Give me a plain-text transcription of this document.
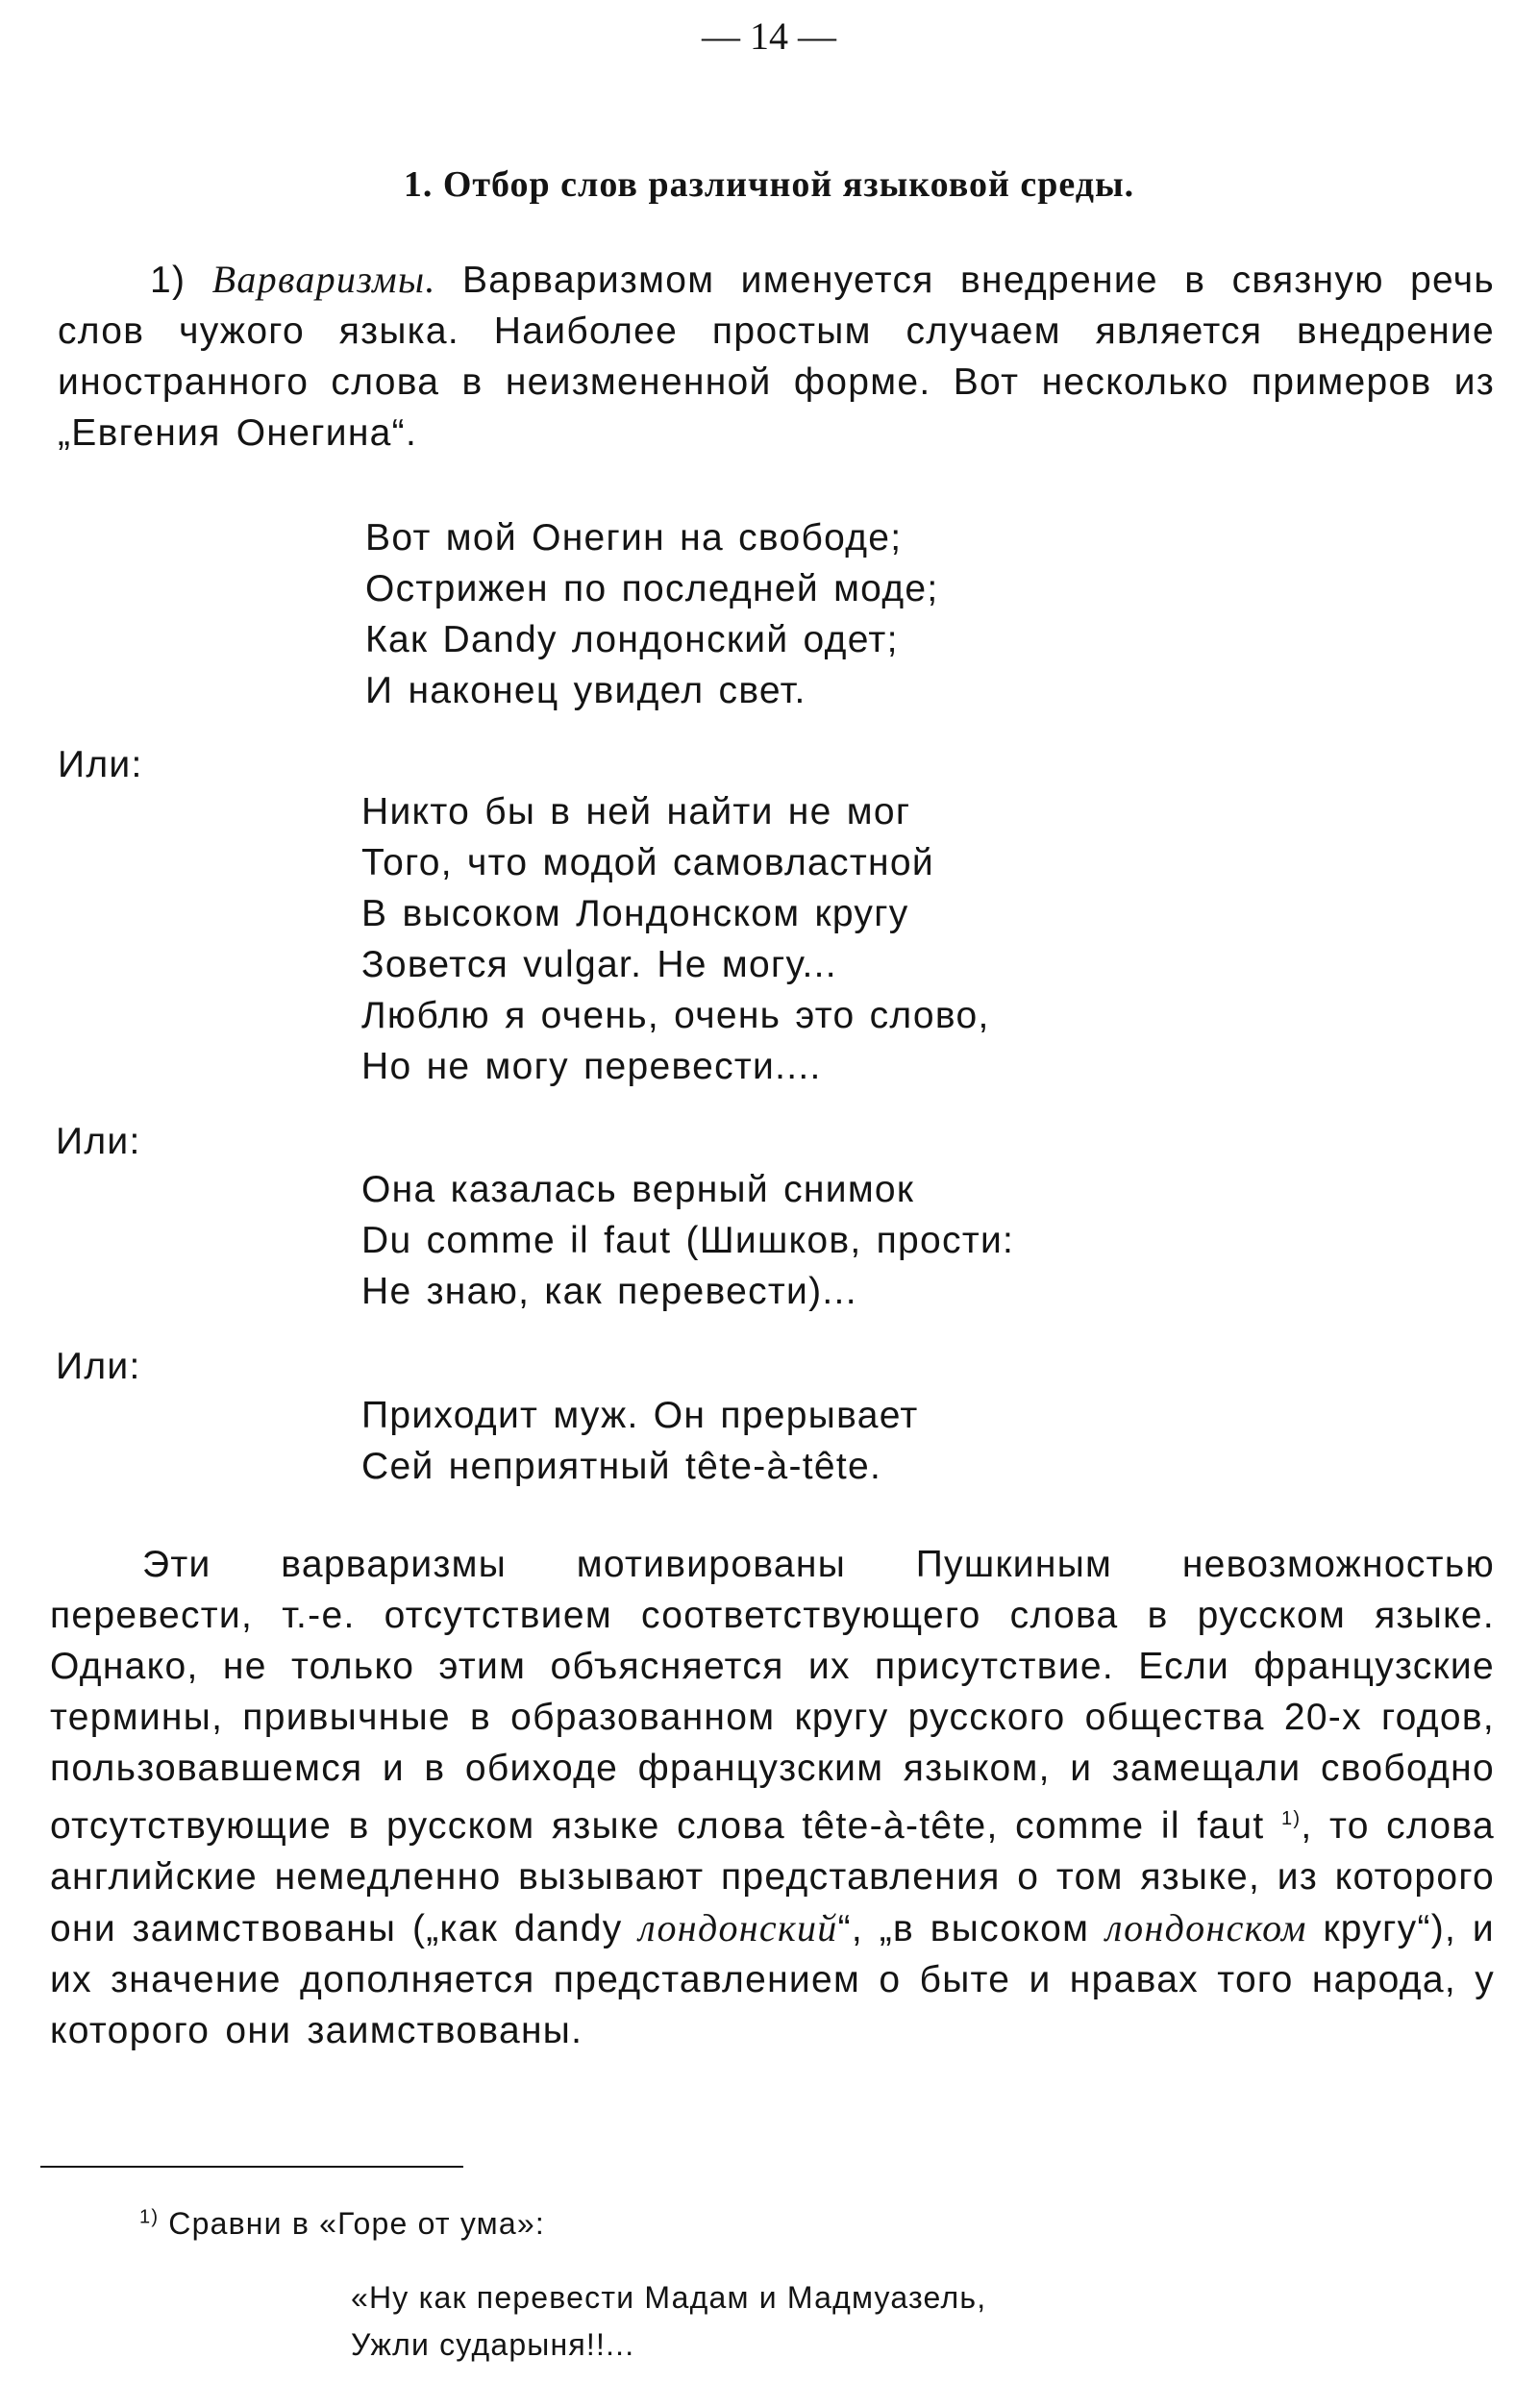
— 14 —
1. Отбор слов различной языковой среды.

1) Варваризмы. Варваризмом именуется внедрение в связную речь слов чужого языка. Наиболее простым случаем является внедрение иностранного слова в неизмененной форме. Вот несколько примеров из „Евгения Онегина“.

Вот мой Онегин на свободе;
Острижен по последней моде;
Как Dandy лондонский одет;
И наконец увидел свет.
Или:
Никто бы в ней найти не мог
Того, что модой самовластной
В высоком Лондонском кругу
Зовется vulgar. Не могу...
Люблю я очень, очень это слово,
Но не могу перевести....
Или:
Она казалась верный снимок
Du comme il faut (Шишков, прости:
Не знаю, как перевести)...
Или:
Приходит муж. Он прерывает
Сей неприятный tête-à-tête.

Эти варваризмы мотивированы Пушкиным невозможностью перевести, т.-е. отсутствием соответствующего слова в русском языке. Однако, не только этим объясняется их присутствие. Если французские термины, привычные в образованном кругу русского общества 20-х годов, пользовавшемся и в обиходе французским языком, и замещали свободно отсутствующие в русском языке слова tête-à-tête, comme il faut $^{1)}$, то слова английские немедленно вызывают представления о том языке, из которого они заимствованы („как dandy лондонский“, „в высоком лондонском кругу“), и их значение дополняется представлением о быте и нравах того народа, у которого они заимствованы.

$^{1)}$ Сравни в «Горе от ума»:
«Ну как перевести Мадам и Мадмуазель,
Ужли сударыня!!...
